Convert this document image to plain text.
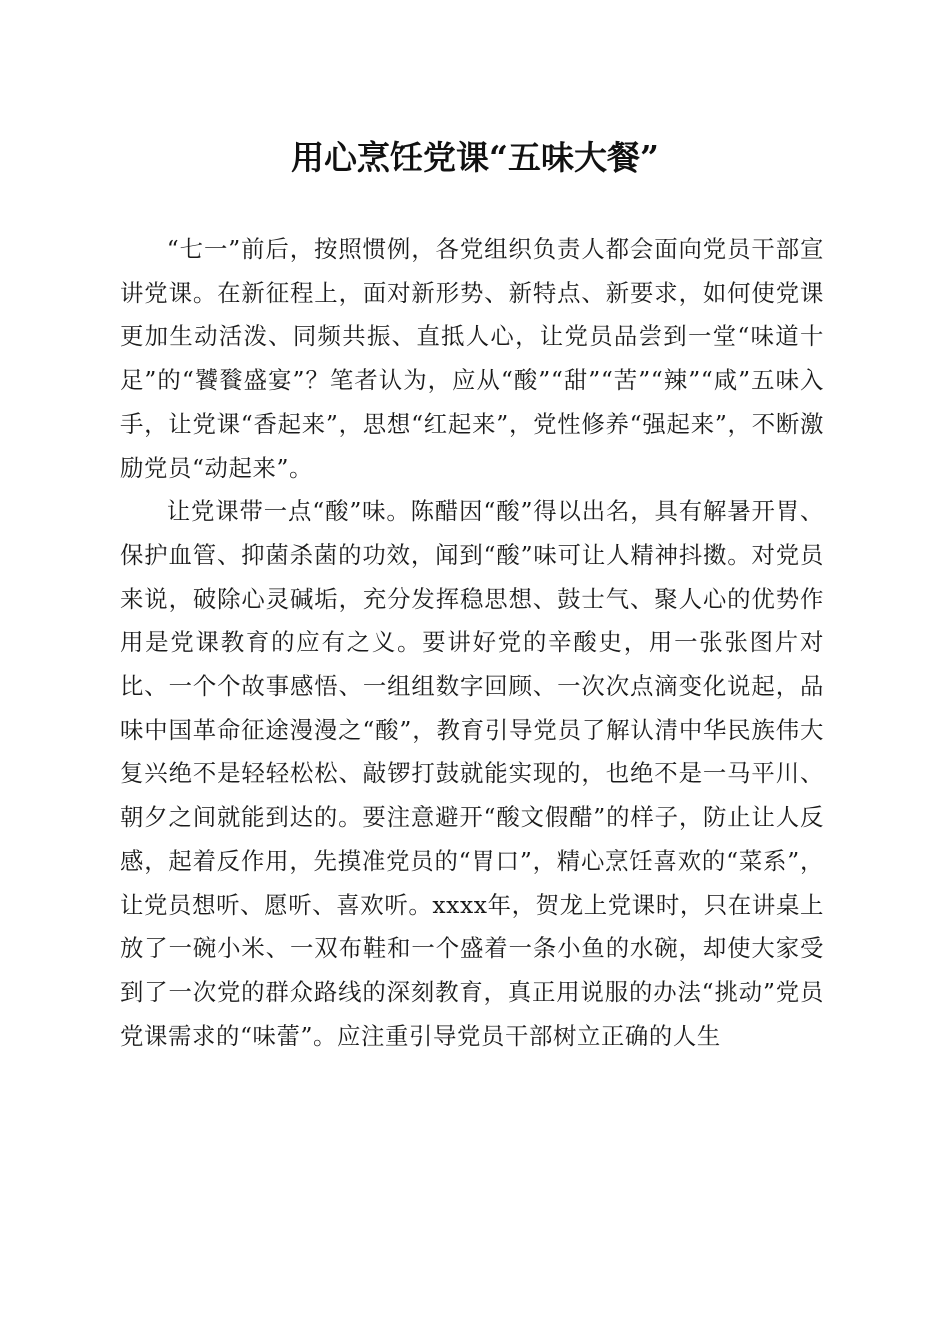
用心烹饪党课“五味大餐”

“七一”前后，按照惯例，各党组织负责人都会面向党员干部宣讲党课。在新征程上，面对新形势、新特点、新要求，如何使党课更加生动活泼、同频共振、直抵人心，让党员品尝到一堂“味道十足”的“饕餮盛宴”？笔者认为，应从“酸”“甜”“苦”“辣”“咸”五味入手，让党课“香起来”，思想“红起来”，党性修养“强起来”，不断激励党员“动起来”。

让党课带一点“酸”味。陈醋因“酸”得以出名，具有解暑开胃、保护血管、抑菌杀菌的功效，闻到“酸”味可让人精神抖擞。对党员来说，破除心灵碱垢，充分发挥稳思想、鼓士气、聚人心的优势作用是党课教育的应有之义。要讲好党的辛酸史，用一张张图片对比、一个个故事感悟、一组组数字回顾、一次次点滴变化说起，品味中国革命征途漫漫之“酸”，教育引导党员了解认清中华民族伟大复兴绝不是轻轻松松、敲锣打鼓就能实现的，也绝不是一马平川、朝夕之间就能到达的。要注意避开“酸文假醋”的样子，防止让人反感，起着反作用，先摸准党员的“胃口”，精心烹饪喜欢的“菜系”，让党员想听、愿听、喜欢听。xxxx年，贺龙上党课时，只在讲桌上放了一碗小米、一双布鞋和一个盛着一条小鱼的水碗，却使大家受到了一次党的群众路线的深刻教育，真正用说服的办法“挑动”党员党课需求的“味蕾”。应注重引导党员干部树立正确的人生
